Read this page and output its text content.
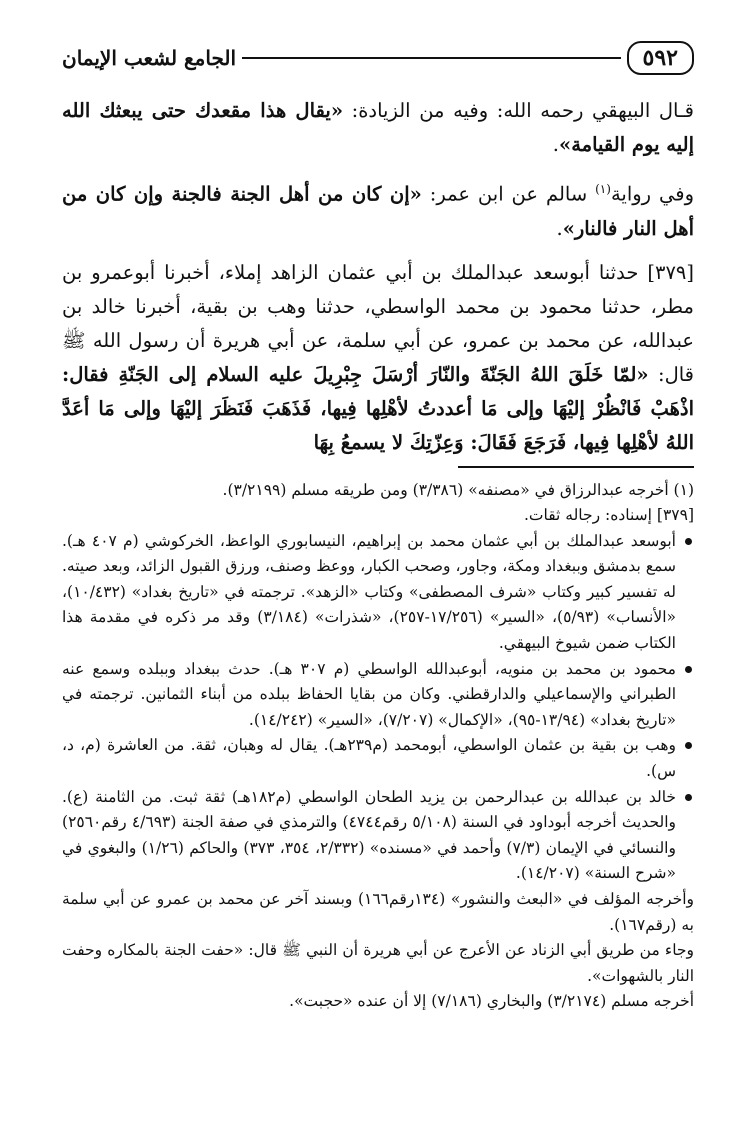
٥٩٢
الجامع لشعب الإيمان

قـال البيهقي رحمه الله: وفيه من الزيادة: «يقال هذا مقعدك حتى يبعثك الله إليه يوم القيامة».

وفي رواية$^{(١)}$ سالم عن ابن عمر: «إن كان من أهل الجنة فالجنة وإن كان من أهل النار فالنار».

[٣٧٩] حدثنا أبوسعد عبدالملك بن أبي عثمان الزاهد إملاء، أخبرنا أبوعمرو بن مطر، حدثنا محمود بن محمد الواسطي، حدثنا وهب بن بقية، أخبرنا خالد بن عبدالله، عن محمد بن عمرو، عن أبي سلمة، عن أبي هريرة أن رسول الله ﷺ قال: «لمّا خَلَقَ اللهُ الجَنّةَ والنّارَ أرْسَلَ جِبْرِيلَ عليه السلام إلى الجَنّةِ فقال: اذْهَبْ فَانْظُرْ إليْهَا وإلى مَا أعددتُ لأهْلِها فِيها، فَذَهَبَ فَنَظَرَ إليْهَا وإلى مَا أعَدَّ اللهُ لأهْلِها فِيها، فَرَجَعَ فَقَالَ: وَعِزّتِكَ لا يسمعُ بِهَا

(١) أخرجه عبدالرزاق في «مصنفه» (٣/٣٨٦) ومن طريقه مسلم (٣/٢١٩٩).

[٣٧٩] إسناده: رجاله ثقات.

أبوسعد عبدالملك بن أبي عثمان محمد بن إبراهيم، النيسابوري الواعظ، الخركوشي (م ٤٠٧ هـ). سمع بدمشق وببغداد ومكة، وجاور، وصحب الكبار، ووعظ وصنف، ورزق القبول الزائد، وبعد صيته. له تفسير كبير وكتاب «شرف المصطفى» وكتاب «الزهد». ترجمته في «تاريخ بغداد» (١٠/٤٣٢)، «الأنساب» (٥/٩٣)، «السير» (١٧/٢٥٦-٢٥٧)، «شذرات» (٣/١٨٤) وقد مر ذكره في مقدمة هذا الكتاب ضمن شيوخ البيهقي.
محمود بن محمد بن منويه، أبوعبدالله الواسطي (م ٣٠٧ هـ). حدث ببغداد وببلده وسمع عنه الطبراني والإسماعيلي والدارقطني. وكان من بقايا الحفاظ ببلده من أبناء الثمانين. ترجمته في «تاريخ بغداد» (١٣/٩٤-٩٥)، «الإكمال» (٧/٢٠٧)، «السير» (١٤/٢٤٢).
وهب بن بقية بن عثمان الواسطي، أبومحمد (م٢٣٩هـ). يقال له وهبان، ثقة. من العاشرة (م، د، س).
خالد بن عبدالله بن عبدالرحمن بن يزيد الطحان الواسطي (م١٨٢هـ) ثقة ثبت. من الثامنة (ع). والحديث أخرجه أبوداود في السنة (٥/١٠٨ رقم٤٧٤٤) والترمذي في صفة الجنة (٤/٦٩٣ رقم٢٥٦٠) والنسائي في الإيمان (٧/٣) وأحمد في «مسنده» (٢/٣٣٢، ٣٥٤، ٣٧٣) والحاكم (١/٢٦) والبغوي في «شرح السنة» (١٤/٢٠٧).

وأخرجه المؤلف في «البعث والنشور» (١٣٤رقم١٦٦) وبسند آخر عن محمد بن عمرو عن أبي سلمة به (رقم١٦٧).

وجاء من طريق أبي الزناد عن الأعرج عن أبي هريرة أن النبي ﷺ قال: «حفت الجنة بالمكاره وحفت النار بالشهوات».

أخرجه مسلم (٣/٢١٧٤) والبخاري (٧/١٨٦) إلا أن عنده «حجبت».
